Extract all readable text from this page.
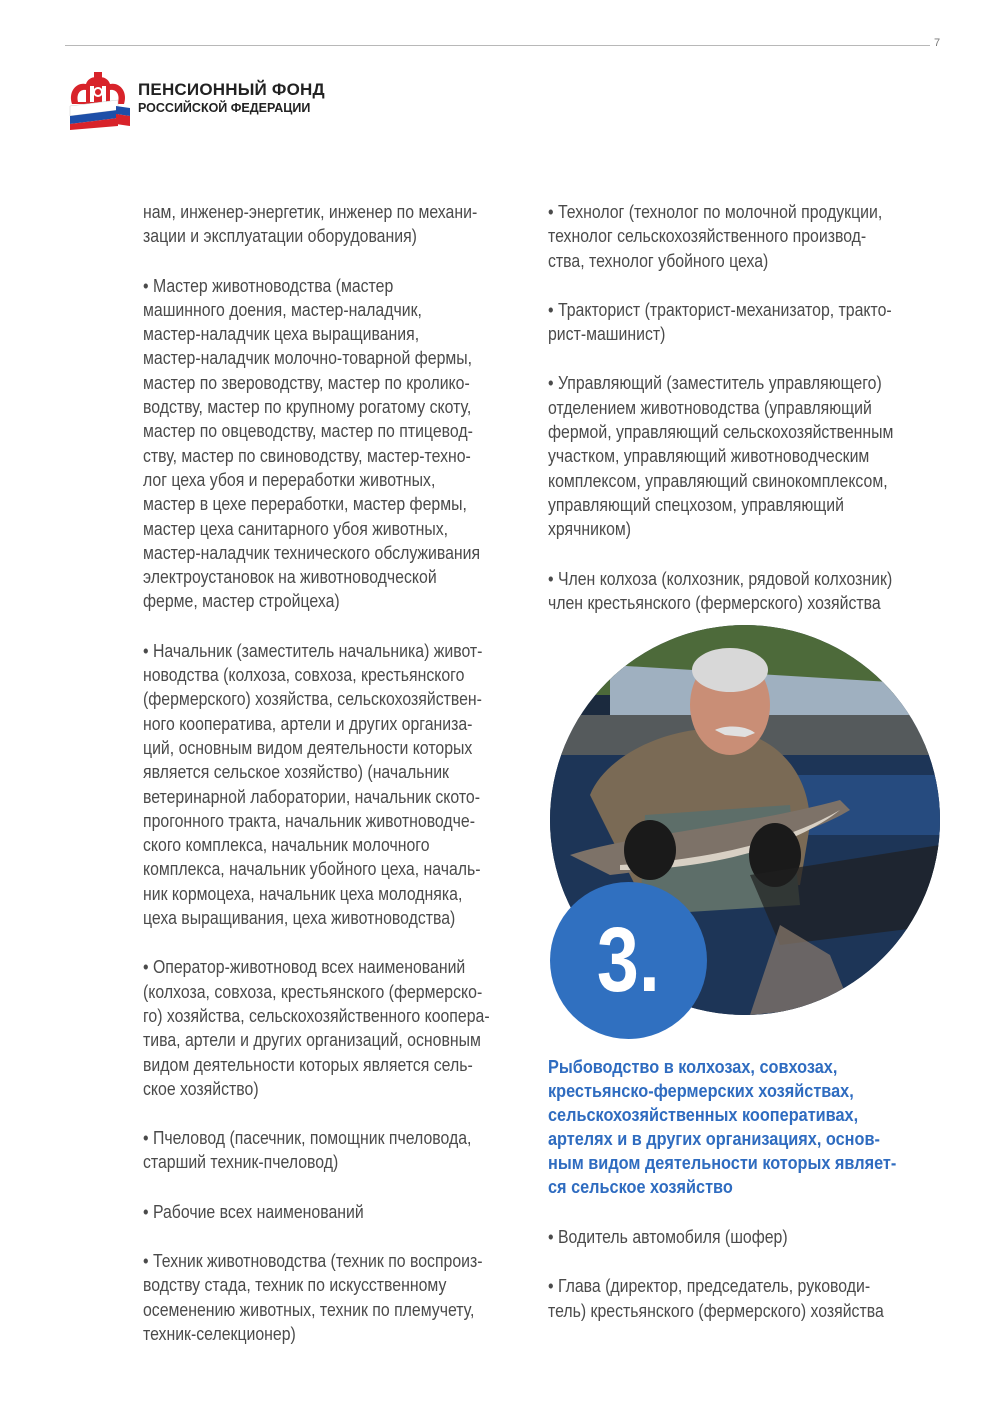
7
ПЕНСИОННЫЙ ФОНД
РОССИЙСКОЙ ФЕДЕРАЦИИ

нам, инженер-энергетик, инженер по механи-
зации и эксплуатации оборудования)

• Мастер животноводства (мастер
машинного доения, мастер-наладчик,
мастер-наладчик цеха выращивания,
мастер-наладчик молочно-товарной фермы,
мастер по звероводству, мастер по кролико-
водству, мастер по крупному рогатому скоту,
мастер по овцеводству, мастер по птицевод-
ству, мастер по свиноводству, мастер-техно-
лог цеха убоя и переработки животных,
мастер в цехе переработки, мастер фермы,
мастер цеха санитарного убоя животных,
мастер-наладчик технического обслуживания
электроустановок на животноводческой
ферме, мастер стройцеха)

• Начальник (заместитель начальника) живот-
новодства (колхоза, совхоза, крестьянского
(фермерского) хозяйства, сельскохозяйствен-
ного кооператива, артели и других организа-
ций, основным видом деятельности которых
является сельское хозяйство) (начальник
ветеринарной лаборатории, начальник ското-
прогонного тракта, начальник животноводче-
ского комплекса, начальник молочного
комплекса, начальник убойного цеха, началь-
ник кормоцеха, начальник цеха молодняка,
цеха выращивания, цеха животноводства)

• Оператор-животновод всех наименований
(колхоза, совхоза, крестьянского (фермерско-
го) хозяйства, сельскохозяйственного коопера-
тива, артели и других организаций, основным
видом деятельности которых является сель-
ское хозяйство)

• Пчеловод (пасечник, помощник пчеловода,
старший техник-пчеловод)

• Рабочие всех наименований

• Техник животноводства (техник по воспроиз-
водству стада, техник по искусственному
осеменению животных, техник по племучету,
техник-селекционер)

• Технолог (технолог по молочной продукции,
технолог сельскохозяйственного производ-
ства, технолог убойного цеха)

• Тракторист (тракторист-механизатор, тракто-
рист-машинист)

• Управляющий (заместитель управляющего)
отделением животноводства (управляющий
фермой, управляющий сельскохозяйственным
участком, управляющий животноводческим
комплексом, управляющий свинокомплексом,
управляющий спецхозом, управляющий
хрячником)

• Член колхоза (колхозник, рядовой колхозник)
член крестьянского (фермерского) хозяйства

3.
Рыбоводство в колхозах, совхозах,
крестьянско-фермерских хозяйствах,
сельскохозяйственных кооперативах,
артелях и в других организациях, основ-
ным видом деятельности которых являет-
ся сельское хозяйство

• Водитель автомобиля (шофер)

• Глава (директор, председатель, руководи-
тель) крестьянского (фермерского) хозяйства
